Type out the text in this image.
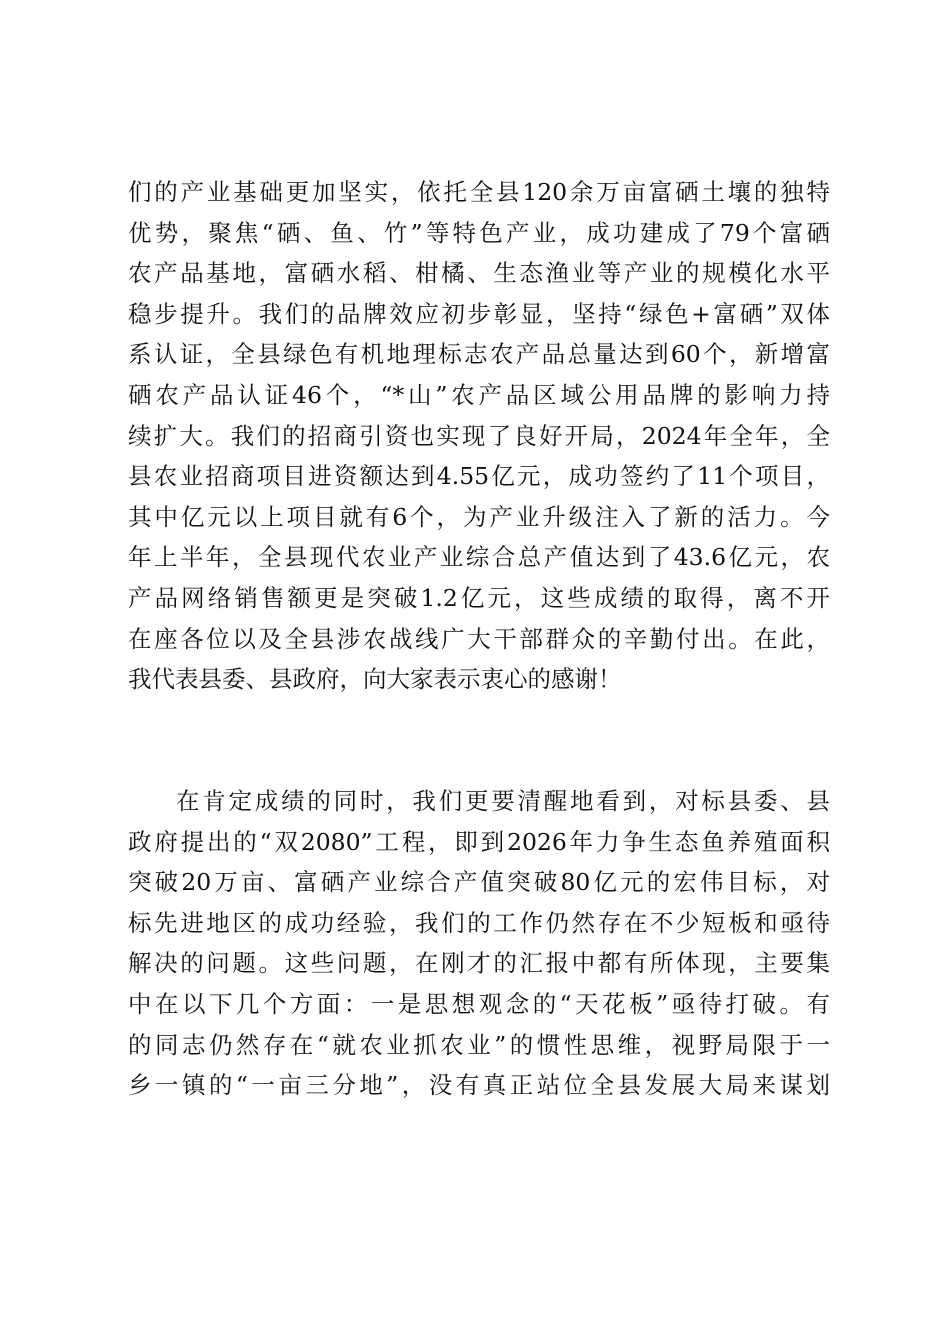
们的产业基础更加坚实，依托全县120余万亩富硒土壤的独特
优势，聚焦“硒、鱼、竹”等特色产业，成功建成了79个富硒
农产品基地，富硒水稻、柑橘、生态渔业等产业的规模化水平
稳步提升。我们的品牌效应初步彰显，坚持“绿色+富硒”双体
系认证，全县绿色有机地理标志农产品总量达到60个，新增富
硒农产品认证46个，“*山”农产品区域公用品牌的影响力持
续扩大。我们的招商引资也实现了良好开局，2024年全年，全
县农业招商项目进资额达到4.55亿元，成功签约了11个项目，
其中亿元以上项目就有6个，为产业升级注入了新的活力。今
年上半年，全县现代农业产业综合总产值达到了43.6亿元，农
产品网络销售额更是突破1.2亿元，这些成绩的取得，离不开
在座各位以及全县涉农战线广大干部群众的辛勤付出。在此，
我代表县委、县政府，向大家表示衷心的感谢！
在肯定成绩的同时，我们更要清醒地看到，对标县委、县
政府提出的“双2080”工程，即到2026年力争生态鱼养殖面积
突破20万亩、富硒产业综合产值突破80亿元的宏伟目标，对
标先进地区的成功经验，我们的工作仍然存在不少短板和亟待
解决的问题。这些问题，在刚才的汇报中都有所体现，主要集
中在以下几个方面：一是思想观念的“天花板”亟待打破。有
的同志仍然存在“就农业抓农业”的惯性思维，视野局限于一
乡一镇的“一亩三分地”，没有真正站位全县发展大局来谋划
